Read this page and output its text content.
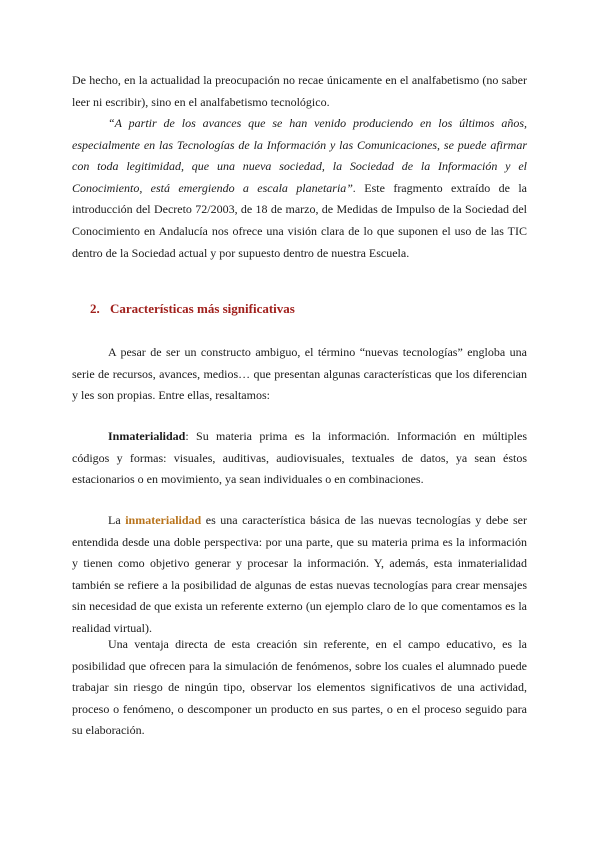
De hecho, en la actualidad la preocupación no recae únicamente en el analfabetismo (no saber leer ni escribir), sino en el analfabetismo tecnológico.

“A partir de los avances que se han venido produciendo en los últimos años, especialmente en las Tecnologías de la Información y las Comunicaciones, se puede afirmar con toda legitimidad, que una nueva sociedad, la Sociedad de la Información y el Conocimiento, está emergiendo a escala planetaria”. Este fragmento extraído de la introducción del Decreto 72/2003, de 18 de marzo, de Medidas de Impulso de la Sociedad del Conocimiento en Andalucía nos ofrece una visión clara de lo que suponen el uso de las TIC dentro de la Sociedad actual y por supuesto dentro de nuestra Escuela.

2. Características más significativas

A pesar de ser un constructo ambiguo, el término “nuevas tecnologías” engloba una serie de recursos, avances, medios… que presentan algunas características que los diferencian y les son propias. Entre ellas, resaltamos:

Inmaterialidad: Su materia prima es la información. Información en múltiples códigos y formas: visuales, auditivas, audiovisuales, textuales de datos, ya sean éstos estacionarios o en movimiento, ya sean individuales o en combinaciones.

La inmaterialidad es una característica básica de las nuevas tecnologías y debe ser entendida desde una doble perspectiva: por una parte, que su materia prima es la información y tienen como objetivo generar y procesar la información. Y, además, esta inmaterialidad también se refiere a la posibilidad de algunas de estas nuevas tecnologías para crear mensajes sin necesidad de que exista un referente externo (un ejemplo claro de lo que comentamos es la realidad virtual).

Una ventaja directa de esta creación sin referente, en el campo educativo, es la posibilidad que ofrecen para la simulación de fenómenos, sobre los cuales el alumnado puede trabajar sin riesgo de ningún tipo, observar los elementos significativos de una actividad, proceso o fenómeno, o descomponer un producto en sus partes, o en el proceso seguido para su elaboración.
